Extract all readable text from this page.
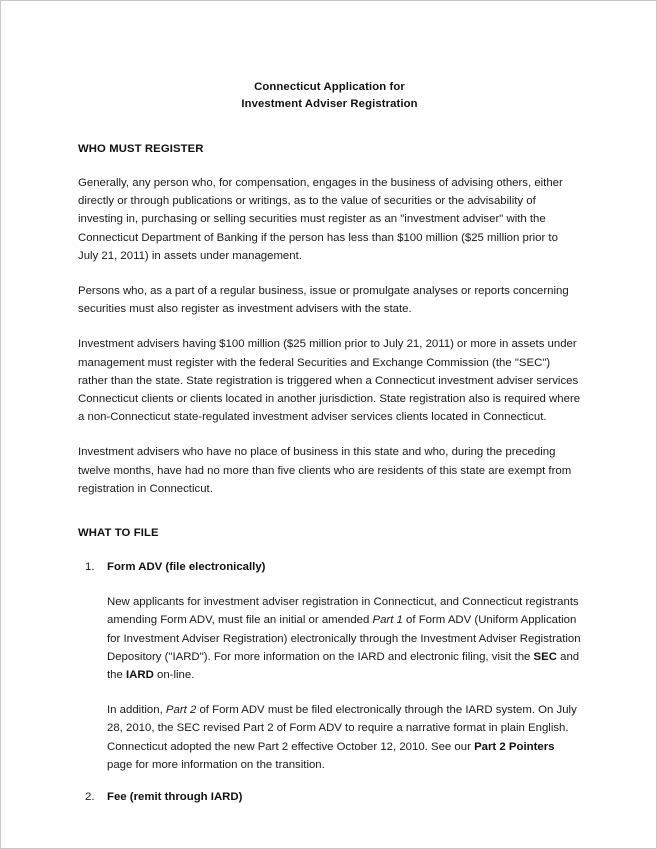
Connecticut Application for
Investment Adviser Registration
WHO MUST REGISTER

Generally, any person who, for compensation, engages in the business of advising others, either directly or through publications or writings, as to the value of securities or the advisability of investing in, purchasing or selling securities must register as an "investment adviser" with the Connecticut Department of Banking if the person has less than $100 million ($25 million prior to July 21, 2011) in assets under management.

Persons who, as a part of a regular business, issue or promulgate analyses or reports concerning securities must also register as investment advisers with the state.

Investment advisers having $100 million ($25 million prior to July 21, 2011) or more in assets under management must register with the federal Securities and Exchange Commission (the "SEC") rather than the state. State registration is triggered when a Connecticut investment adviser services Connecticut clients or clients located in another jurisdiction. State registration also is required where a non-Connecticut state-regulated investment adviser services clients located in Connecticut.

Investment advisers who have no place of business in this state and who, during the preceding twelve months, have had no more than five clients who are residents of this state are exempt from registration in Connecticut.

WHAT TO FILE
1. Form ADV (file electronically)

New applicants for investment adviser registration in Connecticut, and Connecticut registrants amending Form ADV, must file an initial or amended Part 1 of Form ADV (Uniform Application for Investment Adviser Registration) electronically through the Investment Adviser Registration Depository ("IARD"). For more information on the IARD and electronic filing, visit the SEC and the IARD on-line.

In addition, Part 2 of Form ADV must be filed electronically through the IARD system. On July 28, 2010, the SEC revised Part 2 of Form ADV to require a narrative format in plain English. Connecticut adopted the new Part 2 effective October 12, 2010. See our Part 2 Pointers page for more information on the transition.

2. Fee (remit through IARD)
